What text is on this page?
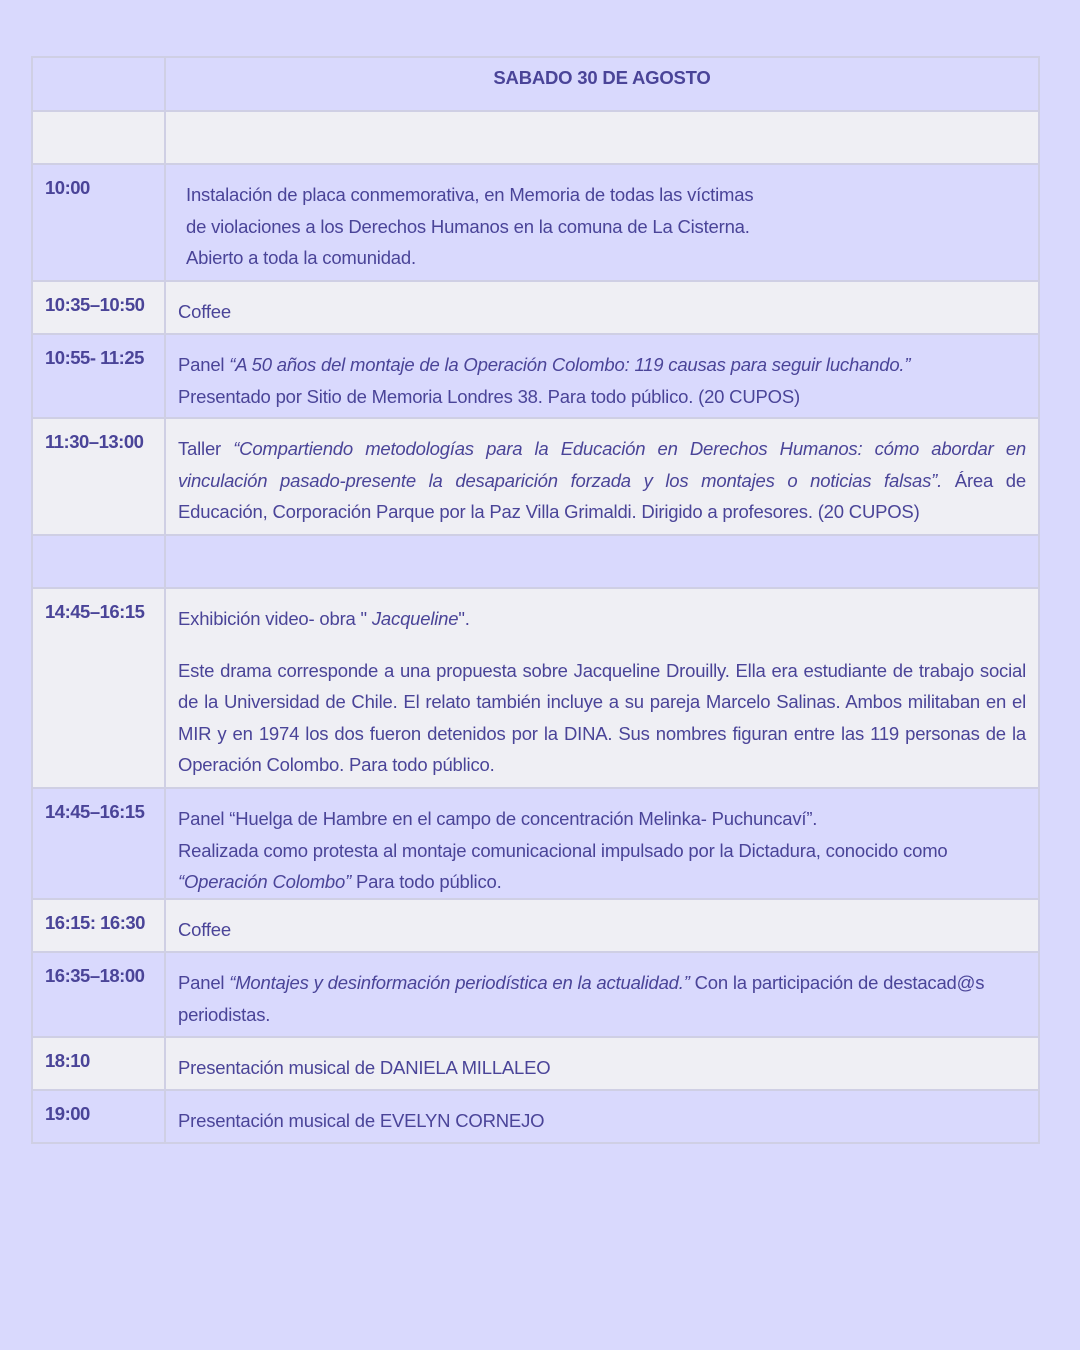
	SABADO 30 DE AGOSTO

10:00	Instalación de placa conmemorativa, en Memoria de todas las víctimas

de violaciones a los Derechos Humanos en la comuna de La Cisterna.

Abierto a toda la comunidad.

10:35–10:50	Coffee

10:55- 11:25	Panel “A 50 años del montaje de la Operación Colombo: 119 causas para seguir luchando.”

Presentado por Sitio de Memoria Londres 38. Para todo público. (20 CUPOS)

11:30–13:00	Taller “Compartiendo metodologías para la Educación en Derechos Humanos: cómo abordar en vinculación pasado-presente la desaparición forzada y los montajes o noticias falsas”. Área de Educación, Corporación Parque por la Paz Villa Grimaldi. Dirigido a profesores. (20 CUPOS)

14:45–16:15	Exhibición video- obra " Jacqueline".

Este drama corresponde a una propuesta sobre Jacqueline Drouilly. Ella era estudiante de trabajo social de la Universidad de Chile. El relato también incluye a su pareja Marcelo Salinas. Ambos militaban en el MIR y en 1974 los dos fueron detenidos por la DINA. Sus nombres figuran entre las 119 personas de la Operación Colombo. Para todo público.

14:45–16:15	Panel “Huelga de Hambre en el campo de concentración Melinka- Puchuncaví”.

Realizada como protesta al montaje comunicacional impulsado por la Dictadura, conocido como

“Operación Colombo” Para todo público.

16:15: 16:30	Coffee

16:35–18:00	Panel “Montajes y desinformación periodística en la actualidad.” Con la participación de destacad@s periodistas.

18:10	Presentación musical de DANIELA MILLALEO

19:00	Presentación musical de EVELYN CORNEJO
